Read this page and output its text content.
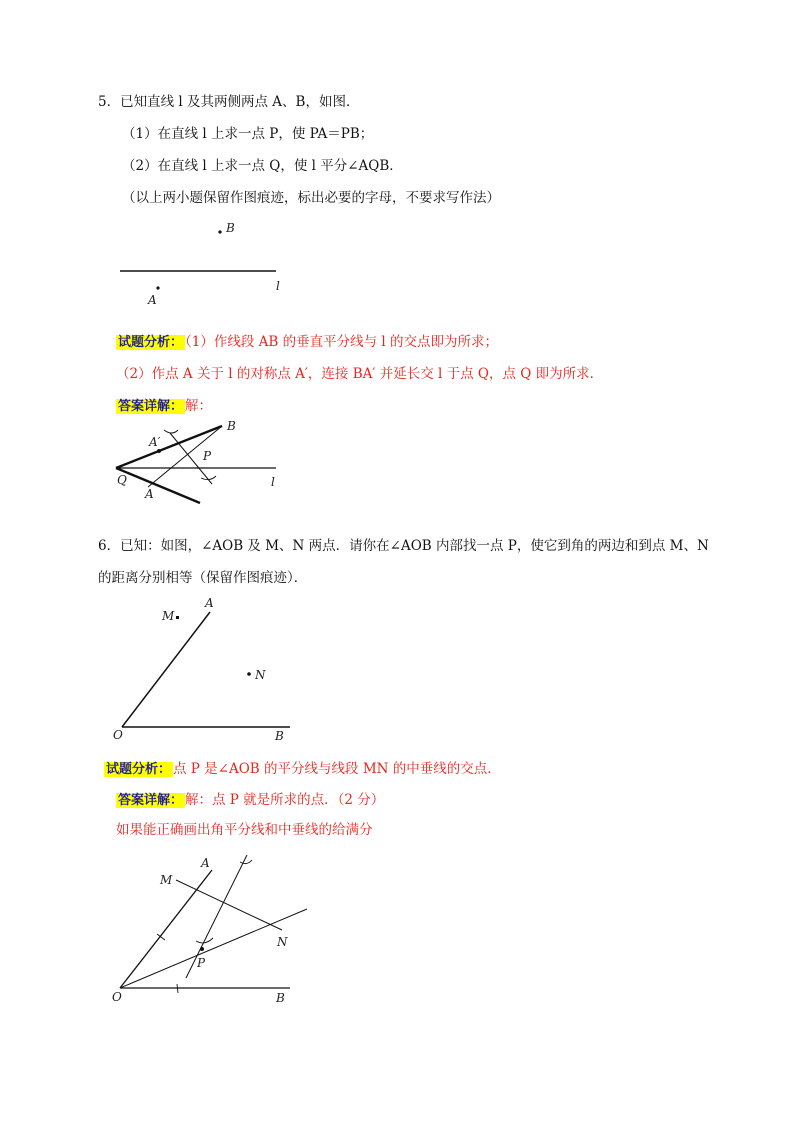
5．已知直线 l 及其两侧两点 A、B，如图．
（1）在直线 l 上求一点 P，使 PA＝PB；
（2）在直线 l 上求一点 Q，使 l 平分∠AQB．
（以上两小题保留作图痕迹，标出必要的字母，不要求写作法）
B
A
l
B
A′
P
Q
A
l
A
M
N
O	B
A
M
N
P
O	B
试题分析： （1）作线段 AB 的垂直平分线与 l 的交点即为所求；
（2）作点 A 关于 l 的对称点 A′，连接 BA′ 并延长交 l 于点 Q，点 Q 即为所求．
答案详解： 解：
6．已知：如图，∠AOB 及 M、N 两点．请你在∠AOB 内部找一点 P，使它到角的两边和到点 M、N
的距离分别相等（保留作图痕迹）．
试题分析： 点 P 是∠AOB 的平分线与线段 MN 的中垂线的交点．
答案详解： 解：点 P 就是所求的点．（2 分）
如果能正确画出角平分线和中垂线的给满分
